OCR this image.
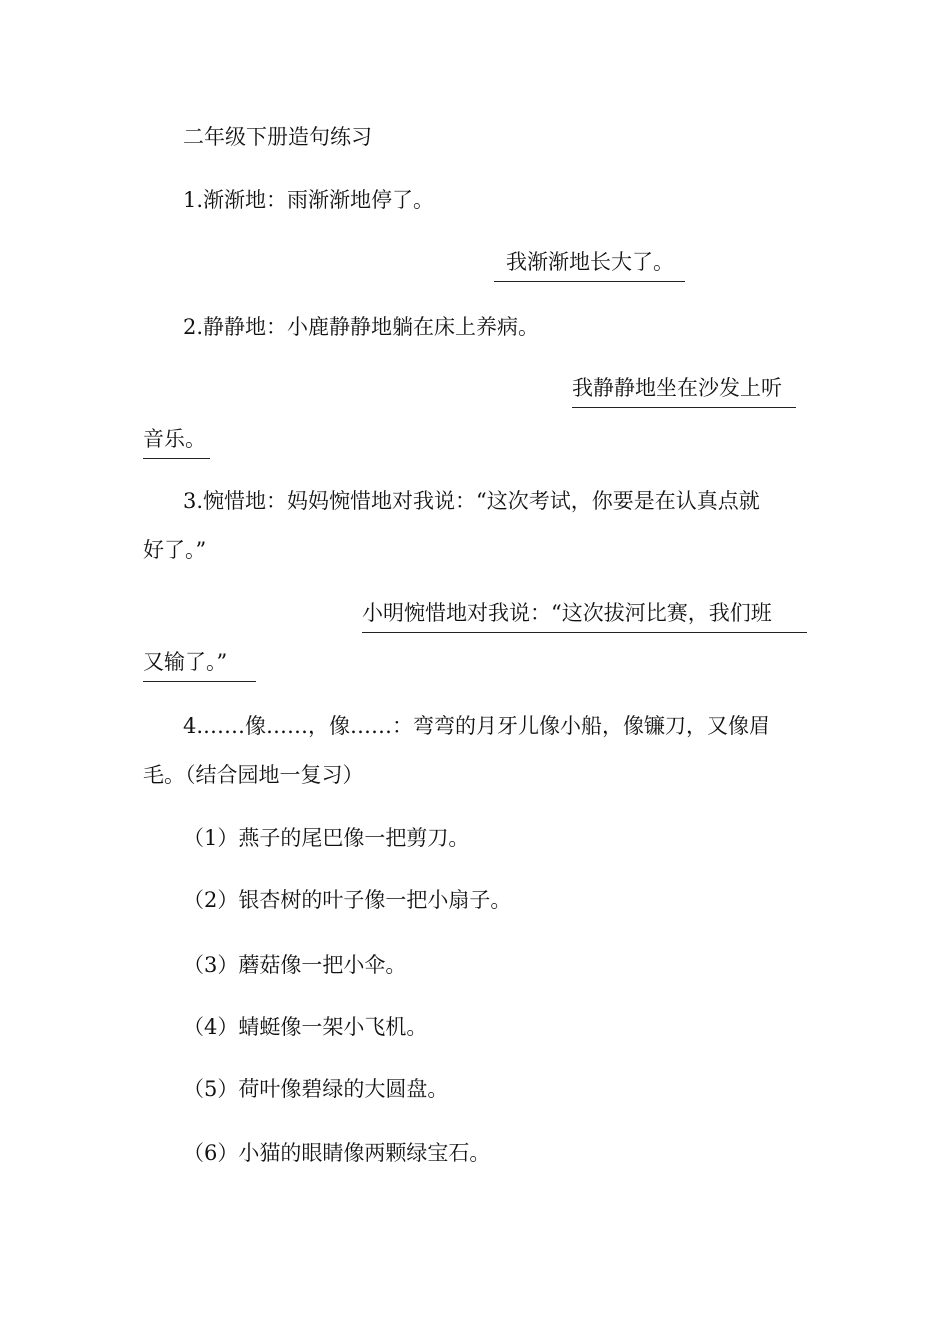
二年级下册造句练习
1.渐渐地：雨渐渐地停了。
我渐渐地长大了。
2.静静地：小鹿静静地躺在床上养病。
我静静地坐在沙发上听
音乐。
3.惋惜地：妈妈惋惜地对我说：“这次考试，你要是在认真点就
好了。”
小明惋惜地对我说：“这次拔河比赛，我们班
又输了。”
4.……像……，像……：弯弯的月牙儿像小船，像镰刀，又像眉
毛。（结合园地一复习）
（1）燕子的尾巴像一把剪刀。
（2）银杏树的叶子像一把小扇子。
（3）蘑菇像一把小伞。
（4）蜻蜓像一架小飞机。
（5）荷叶像碧绿的大圆盘。
（6）小猫的眼睛像两颗绿宝石。
